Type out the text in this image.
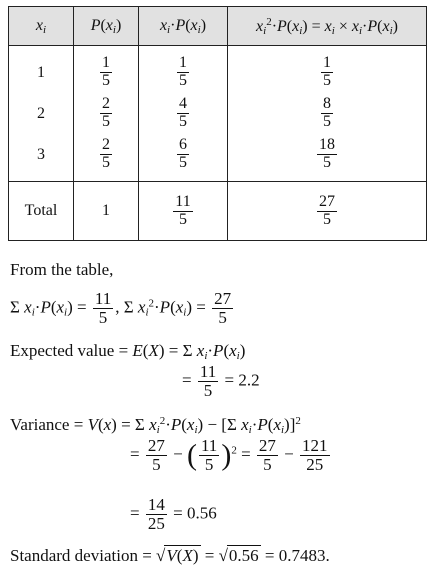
$x_i$	$P(x_i)$	$x_i\cdot P(x_i)$	$x_i^2\cdot P(x_i) = x_i \times x_i\cdot P(x_i)$
1	$\frac{1}{5}$	$\frac{1}{5}$	$\frac{1}{5}$

2	$\frac{2}{5}$	$\frac{4}{5}$	$\frac{8}{5}$

3	$\frac{2}{5}$	$\frac{6}{5}$	$\frac{18}{5}$

Total	1	$\frac{11}{5}$	$\frac{27}{5}$
From the table,
Σ $x_i\cdot P(x_i) = \frac{11}{5}$ , Σ $x_i^2\cdot P(x_i) = \frac{27}{5}$
Expected value = E(X) = Σ $x_i\cdot P(x_i)$
= $\frac{11}{5} = 2.2$
Variance = V(x) = Σ $x_i^2\cdot P(x_i) - [\Sigma$ $x_i\cdot P(x_i)]^2$
= $\frac{27}{5}$ − ( $\frac{11}{5} )^2 = \frac{27}{5} - \frac{121}{25}$
= $\frac{14}{25} = 0.56$
Standard deviation = √V(X) = √0.56 = 0.7483.
